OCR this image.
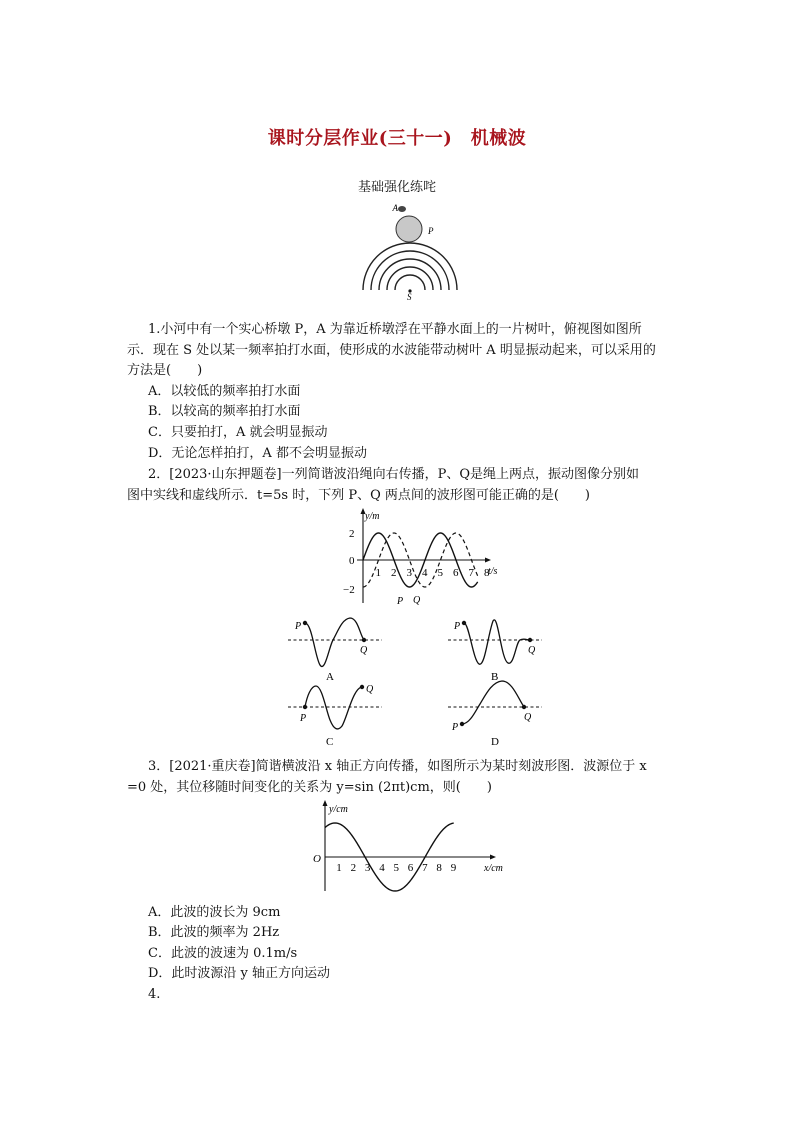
课时分层作业(三十一)　机械波
基础强化练咤
A
P
S
1.小河中有一个实心桥墩 P，A 为靠近桥墩浮在平静水面上的一片树叶，俯视图如图所
示．现在 S 处以某一频率拍打水面，使形成的水波能带动树叶 A 明显振动起来，可以采用的
方法是(　　)
A．以较低的频率拍打水面
B．以较高的频率拍打水面
C．只要拍打，A 就会明显振动
D．无论怎样拍打，A 都不会明显振动
2．[2023·山东押题卷]一列简谐波沿绳向右传播，P、Q是绳上两点，振动图像分别如
图中实线和虚线所示．t=5s 时，下列 P、Q 两点间的波形图可能正确的是(　　)
y/m
t/s
2
0
−2
1 2 3 4 5 6 7 8
P Q
P
Q
A
P
Q
B
P
Q
C
P
Q
D
3．[2021·重庆卷]简谐横波沿 x 轴正方向传播，如图所示为某时刻波形图．波源位于 x
=0 处，其位移随时间变化的关系为 y=sin (2πt)cm，则(　　)
y/cm
x/cm
O
1 2 3 4 5 6 7 8 9
A．此波的波长为 9cm
B．此波的频率为 2Hz
C．此波的波速为 0.1m/s
D．此时波源沿 y 轴正方向运动
4.
